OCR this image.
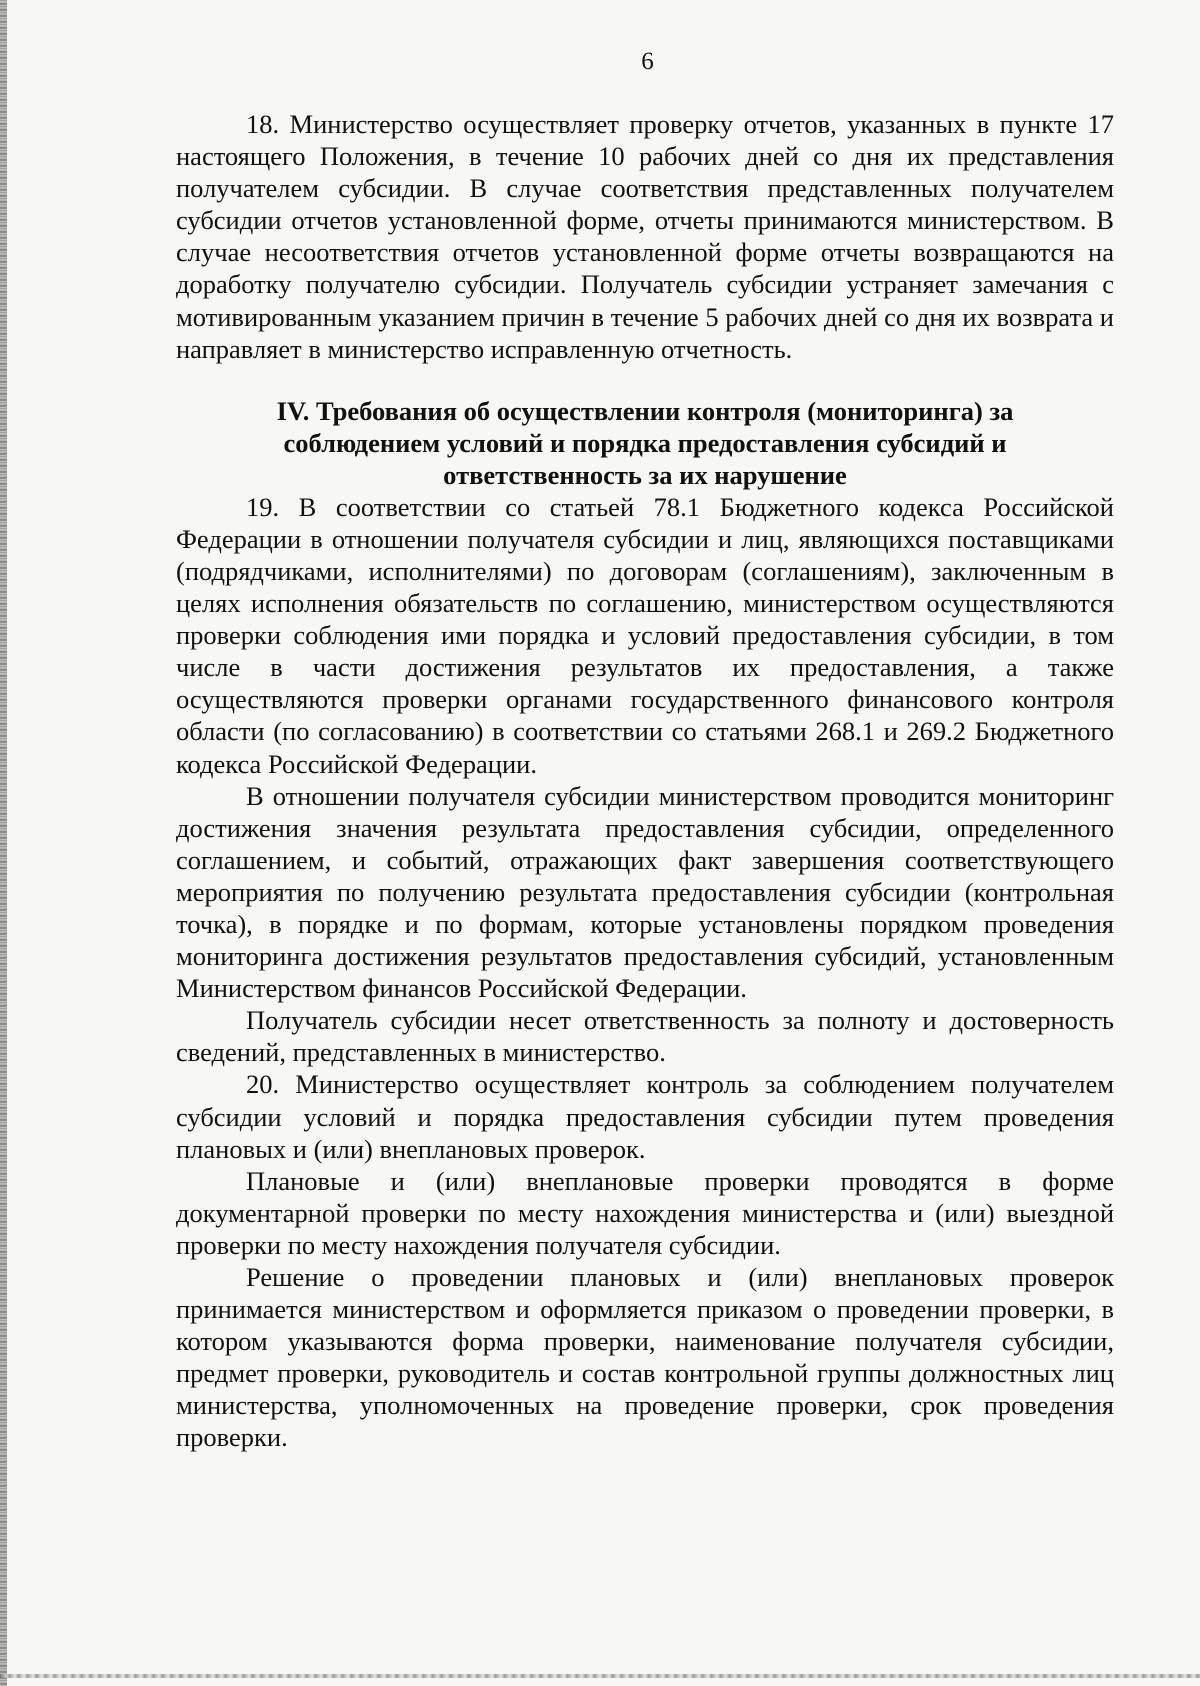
6

18. Министерство осуществляет проверку отчетов, указанных в пункте 17 настоящего Положения, в течение 10 рабочих дней со дня их представления получателем субсидии. В случае соответствия представленных получателем субсидии отчетов установленной форме, отчеты принимаются министерством. В случае несоответствия отчетов установленной форме отчеты возвращаются на доработку получателю субсидии. Получатель субсидии устраняет замечания с мотивированным указанием причин в течение 5 рабочих дней со дня их возврата и направляет в министерство исправленную отчетность.

IV. Требования об осуществлении контроля (мониторинга) за соблюдением условий и порядка предоставления субсидий и ответственность за их нарушение

19. В соответствии со статьей 78.1 Бюджетного кодекса Российской Федерации в отношении получателя субсидии и лиц, являющихся поставщиками (подрядчиками, исполнителями) по договорам (соглашениям), заключенным в целях исполнения обязательств по соглашению, министерством осуществляются проверки соблюдения ими порядка и условий предоставления субсидии, в том числе в части достижения результатов их предоставления, а также осуществляются проверки органами государственного финансового контроля области (по согласованию) в соответствии со статьями 268.1 и 269.2 Бюджетного кодекса Российской Федерации.

В отношении получателя субсидии министерством проводится мониторинг достижения значения результата предоставления субсидии, определенного соглашением, и событий, отражающих факт завершения соответствующего мероприятия по получению результата предоставления субсидии (контрольная точка), в порядке и по формам, которые установлены порядком проведения мониторинга достижения результатов предоставления субсидий, установленным Министерством финансов Российской Федерации.

Получатель субсидии несет ответственность за полноту и достоверность сведений, представленных в министерство.

20. Министерство осуществляет контроль за соблюдением получателем субсидии условий и порядка предоставления субсидии путем проведения плановых и (или) внеплановых проверок.

Плановые и (или) внеплановые проверки проводятся в форме документарной проверки по месту нахождения министерства и (или) выездной проверки по месту нахождения получателя субсидии.

Решение о проведении плановых и (или) внеплановых проверок принимается министерством и оформляется приказом о проведении проверки, в котором указываются форма проверки, наименование получателя субсидии, предмет проверки, руководитель и состав контрольной группы должностных лиц министерства, уполномоченных на проведение проверки, срок проведения проверки.
